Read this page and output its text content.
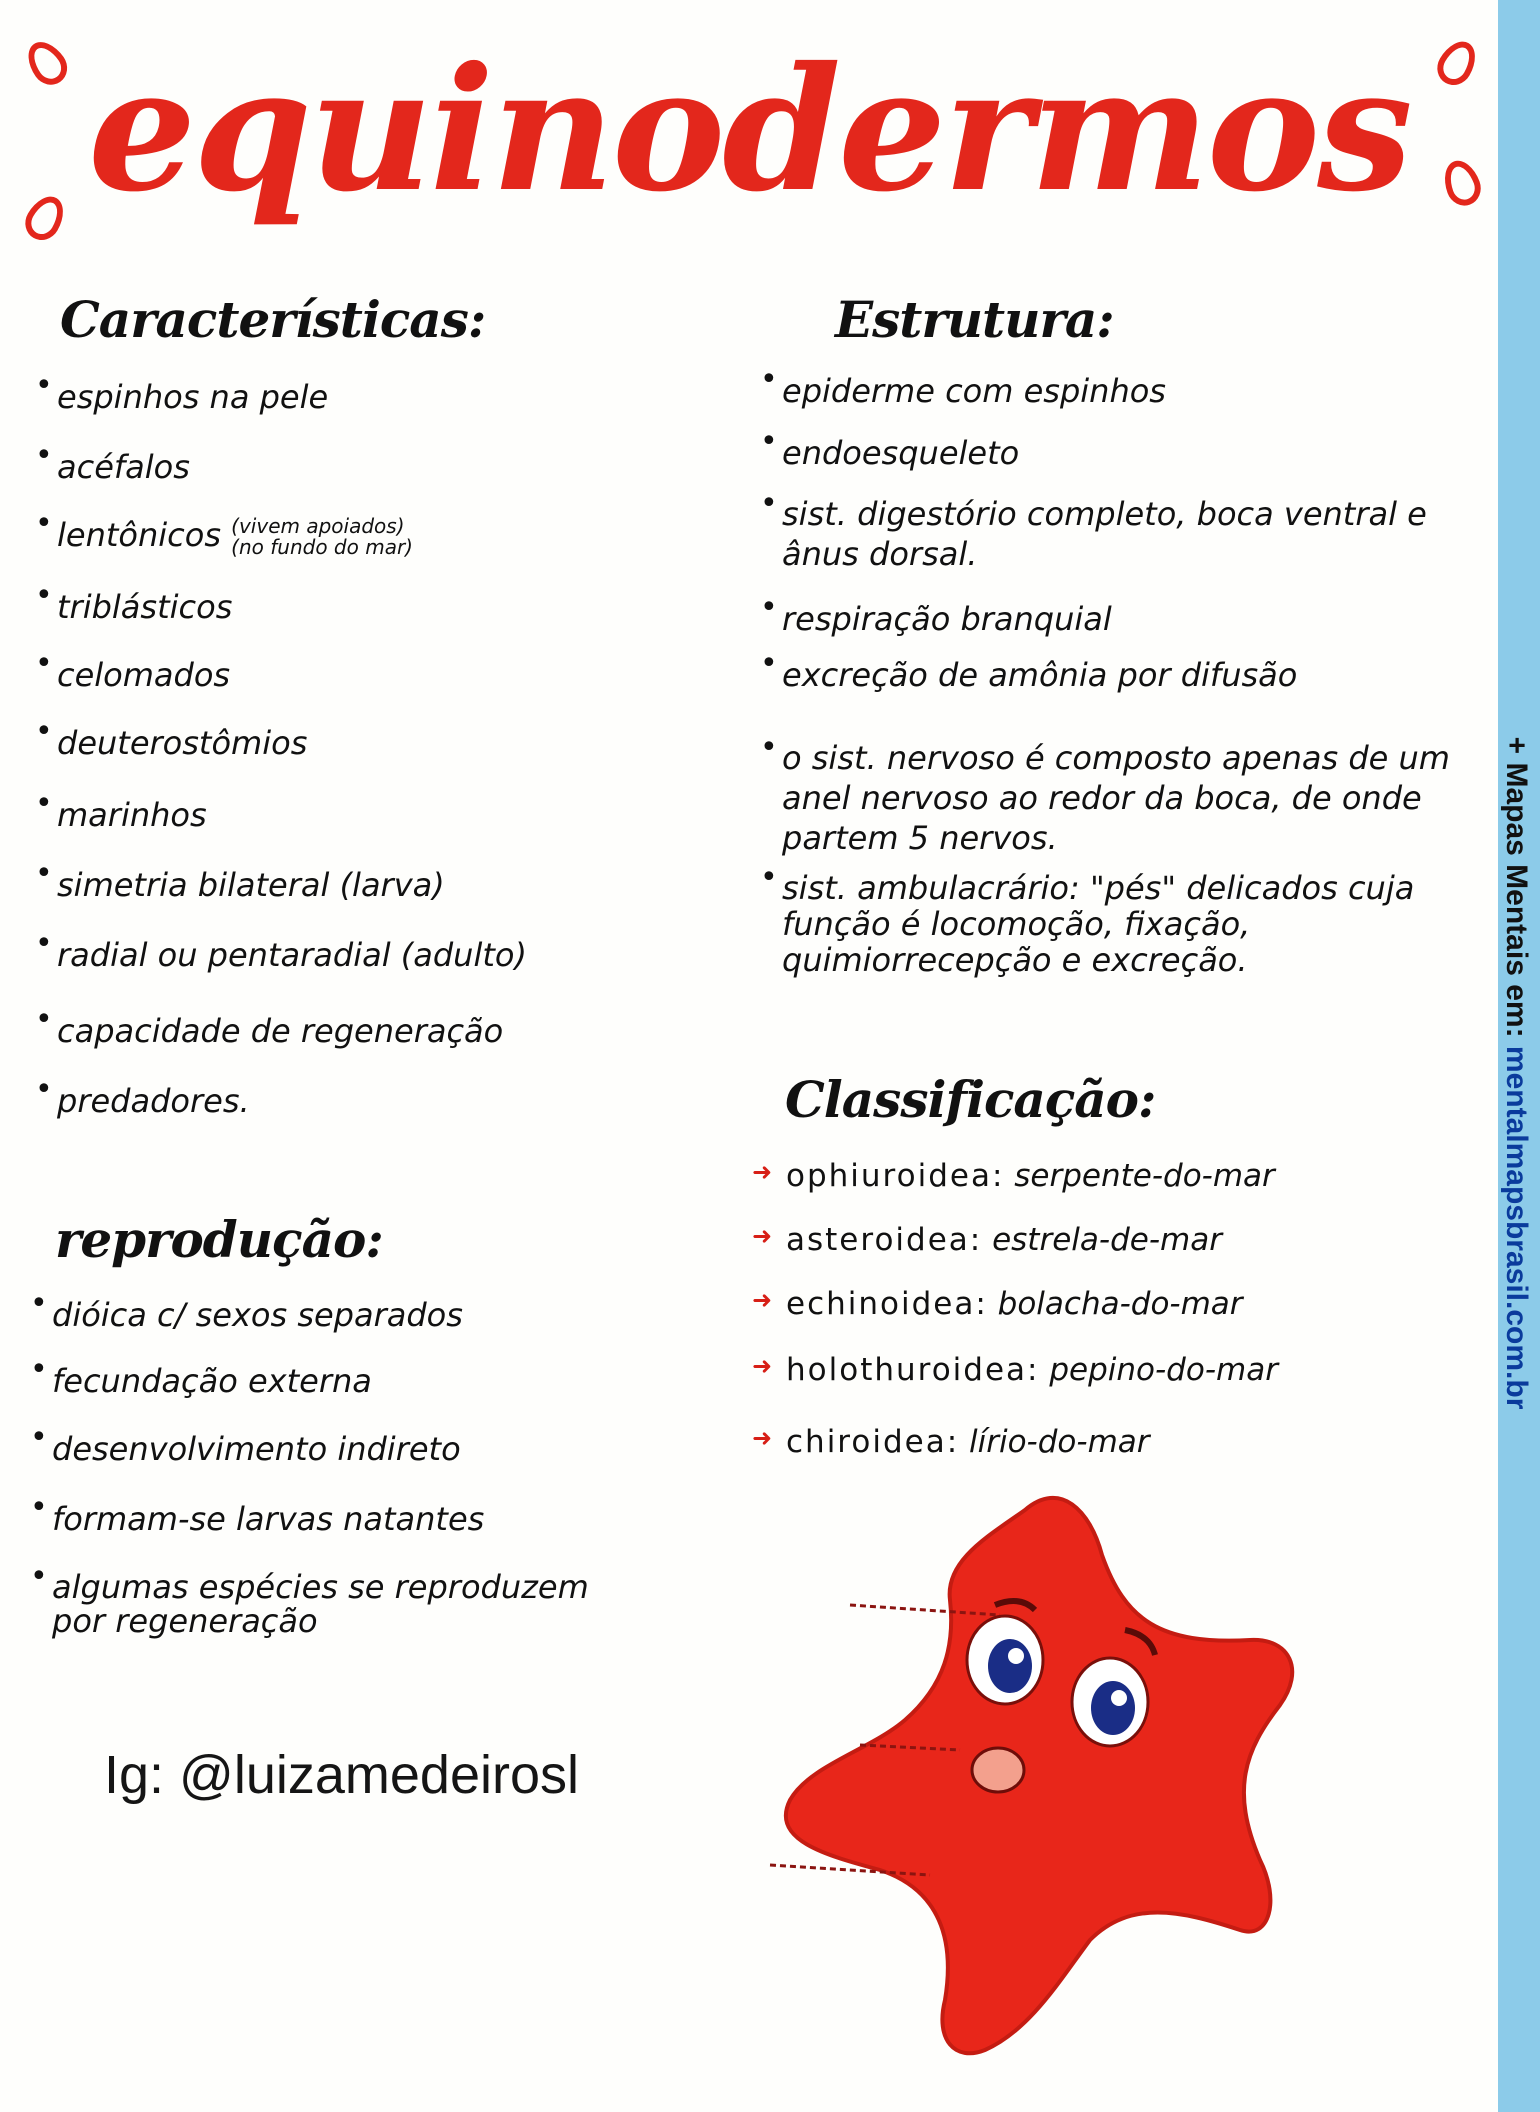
+ Mapas Mentais em: mentalmapsbrasil.com.br
equinodermos
Características:
• espinhos na pele
• acéfalos
• lentônicos (vivem apoiados)
(no fundo do mar)
• triblásticos
• celomados
• deuterostômios
• marinhos
• simetria bilateral (larva)
• radial ou pentaradial (adulto)
• capacidade de regeneração
• predadores.
reprodução:
• dióica c/ sexos separados
• fecundação externa
• desenvolvimento indireto
• formam-se larvas natantes
• algumas espécies se reproduzem por regeneração
Estrutura:
• epiderme com espinhos
• endoesqueleto
• sist. digestório completo, boca ventral e ânus dorsal.
• respiração branquial
• excreção de amônia por difusão
• o sist. nervoso é composto apenas de um anel nervoso ao redor da boca, de onde partem 5 nervos.
• sist. ambulacrário: "pés" delicados cuja função é locomoção, fixação, quimiorrecepção e excreção.
Classificação:
➜ ophiuroidea: serpente-do-mar
➜ asteroidea: estrela-de-mar
➜ echinoidea: bolacha-do-mar
➜ holothuroidea: pepino-do-mar
➜ chiroidea: lírio-do-mar
Ig: @luizamedeirosl
